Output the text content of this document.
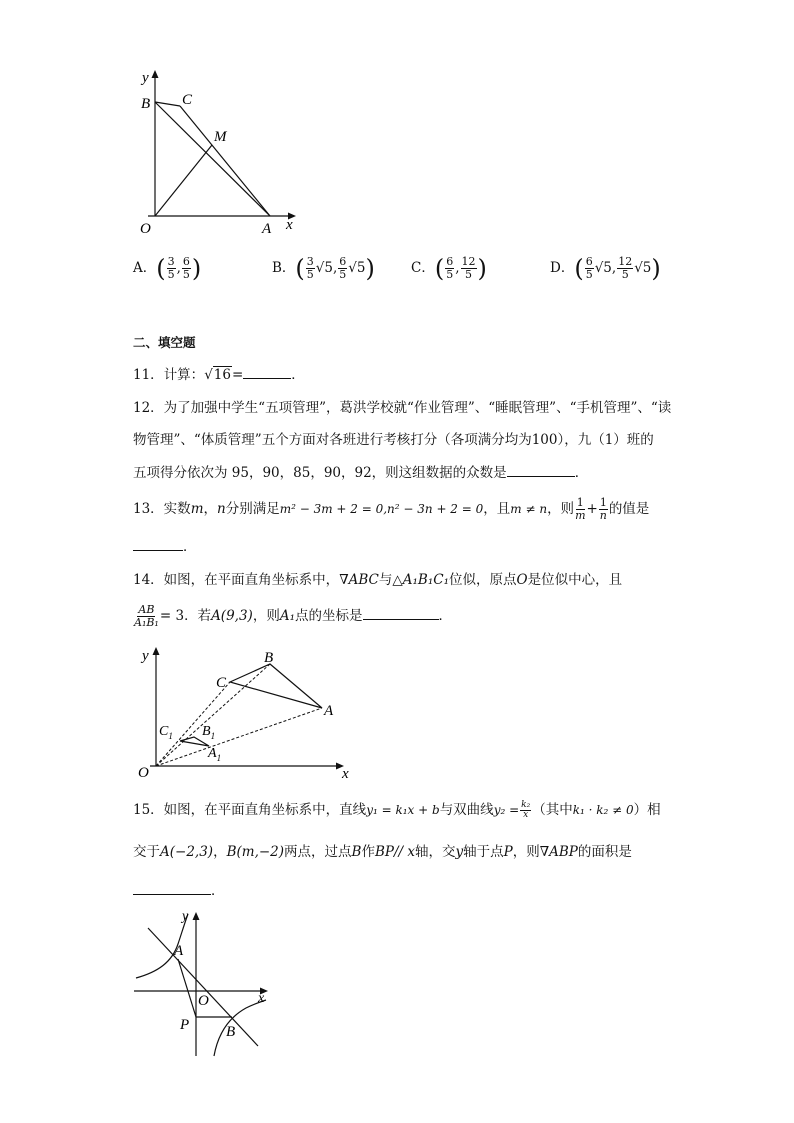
y
B C
M
O	A x
A．( $\frac{3}{5}$ , $\frac{6}{5}$ )	B．( $\frac{3}{5} √5$, $\frac{6}{5} √5$)	C．( $\frac{6}{5}$ , $\frac{12}{5}$ )	D．( $\frac{6}{5} √5$, $\frac{12}{5} √5$)
二、填空题
11．计算：√16=	．
12．为了加强中学生“五项管理”，葛洪学校就“作业管理”、“睡眠管理”、“手机管理”、“读
物管理”、“体质管理”五个方面对各班进行考核打分（各项满分均为100），九（1）班的
五项得分依次为 95，90，85，90，92，则这组数据的众数是	．
13．实数m，n分别满足m² − 3m + 2 = 0,n² − 3n + 2 = 0，且m ≠ n，则 $\frac{1}{m} + \frac{1}{n}$ 的值是
．
14．如图，在平面直角坐标系中，∇ABC与△A₁B₁C₁位似，原点O是位似中心，且
$\frac{AB}{\text{A₁B₁}} = 3$．若A(9,3)，则A₁点的坐标是	．
y	B
C
A
$C_1$ $B_1$
$A_1$
O	x
15．如图，在平面直角坐标系中，直线y₁ = k₁x + b与双曲线$y_2 = \frac{\text{k₂}}{x}$ （其中k₁ · k₂ ≠ 0）相
交于A(−2,3)，B(m,−2)两点，过点B作BP// x轴，交y轴于点P，则∇ABP的面积是
．
y
A
O	x
P B
